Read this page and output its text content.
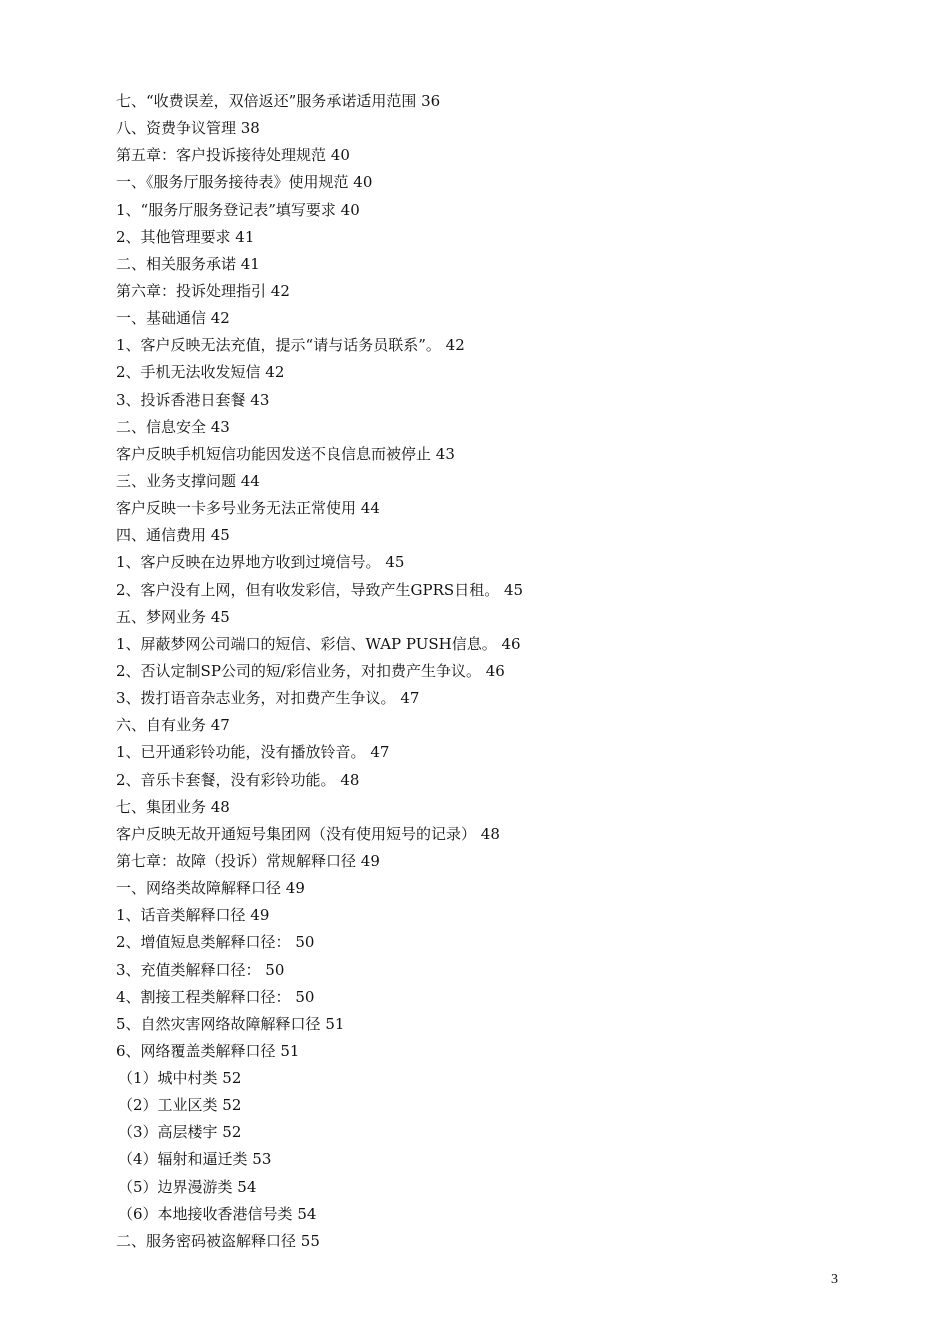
七、“收费误差，双倍返还”服务承诺适用范围 36
八、资费争议管理 38
第五章：客户投诉接待处理规范 40
一、《服务厅服务接待表》使用规范 40
1、“服务厅服务登记表”填写要求 40
2、其他管理要求 41
二、相关服务承诺 41
第六章：投诉处理指引 42
一、基础通信 42
1、客户反映无法充值，提示“请与话务员联系”。 42
2、手机无法收发短信 42
3、投诉香港日套餐 43
二、信息安全 43
客户反映手机短信功能因发送不良信息而被停止 43
三、业务支撑问题 44
客户反映一卡多号业务无法正常使用 44
四、通信费用 45
1、客户反映在边界地方收到过境信号。 45
2、客户没有上网，但有收发彩信，导致产生GPRS日租。 45
五、梦网业务 45
1、屏蔽梦网公司端口的短信、彩信、WAP PUSH信息。 46
2、否认定制SP公司的短/彩信业务，对扣费产生争议。 46
3、拨打语音杂志业务，对扣费产生争议。 47
六、自有业务 47
1、已开通彩铃功能，没有播放铃音。 47
2、音乐卡套餐，没有彩铃功能。 48
七、集团业务 48
客户反映无故开通短号集团网（没有使用短号的记录） 48
第七章：故障（投诉）常规解释口径 49
一、网络类故障解释口径 49
1、话音类解释口径 49
2、增值短息类解释口径： 50
3、充值类解释口径： 50
4、割接工程类解释口径： 50
5、自然灾害网络故障解释口径 51
6、网络覆盖类解释口径 51
（1）城中村类 52
（2）工业区类 52
（3）高层楼宇 52
（4）辐射和逼迁类 53
（5）边界漫游类 54
（6）本地接收香港信号类 54
二、服务密码被盗解释口径 55
3
